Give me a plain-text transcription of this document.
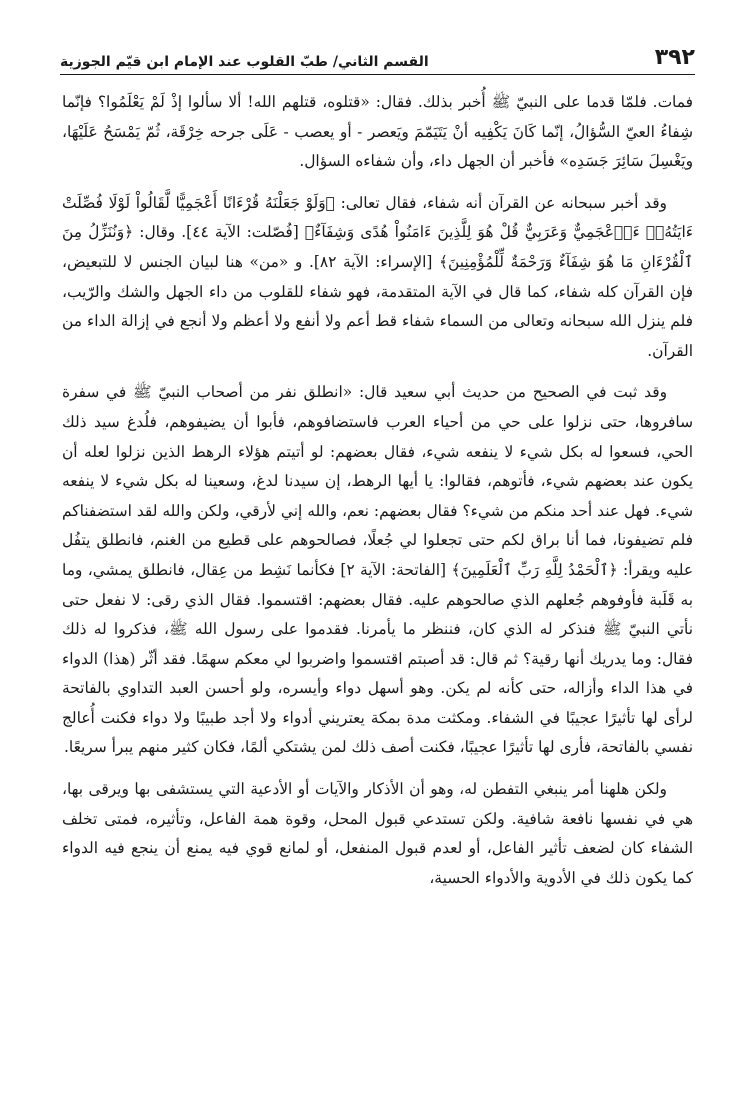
٣٩٢
القسم الثاني/ طبّ القلوب عند الإمام ابن قيّم الجوزية

فمات. فلمّا قدما على النبيّ ﷺ أُخبر بذلك. فقال: «قتلوه، قتلهم الله! ألا سألوا إذْ لَمْ يَعْلَمُوا؟ فإنّما شِفاءُ العيّ السُّؤالُ، إنّما كَانَ يَكْفِيه أنْ يَتَيَمّمَ ويَعصر - أو يعصب - عَلَى جرحه خِرْقَة، ثُمّ يَمْسَحُ عَلَيْهَا، ويَغْسِلَ سَائِرَ جَسَدِه» فأخبر أن الجهل داء، وأن شفاءه السؤال.

وقد أخبر سبحانه عن القرآن أنه شفاء، فقال تعالى: ﴿وَلَوْ جَعَلْنَهُ قُرْءَانًا أَعْجَمِيًّا لَّقَالُواْ لَوْلَا فُصِّلَتْ ءَايَتُهُۥٓ ءَا۬عْجَمِيٌّ وَعَرَبِيٌّ قُلْ هُوَ لِلَّذِينَ ءَامَنُواْ هُدًى وَشِفَآءٌ﴾ [فُصّلت: الآية ٤٤]. وقال: ﴿وَنُنَزِّلُ مِنَ ٱلْقُرْءَانِ مَا هُوَ شِفَآءٌ وَرَحْمَةٌ لِّلْمُؤْمِنِينَ﴾ [الإسراء: الآية ٨٢]. و «من» هنا لبيان الجنس لا للتبعيض، فإن القرآن كله شفاء، كما قال في الآية المتقدمة، فهو شفاء للقلوب من داء الجهل والشك والرّيب، فلم ينزل الله سبحانه وتعالى من السماء شفاء قط أعم ولا أنفع ولا أعظم ولا أنجع في إزالة الداء من القرآن.

وقد ثبت في الصحيح من حديث أبي سعيد قال: «انطلق نفر من أصحاب النبيّ ﷺ في سفرة سافروها، حتى نزلوا على حي من أحياء العرب فاستضافوهم، فأبوا أن يضيفوهم، فلُدغ سيد ذلك الحي، فسعوا له بكل شيء لا ينفعه شيء، فقال بعضهم: لو أتيتم هؤلاء الرهط الذين نزلوا لعله أن يكون عند بعضهم شيء، فأتوهم، فقالوا: يا أيها الرهط، إن سيدنا لدغ، وسعينا له بكل شيء لا ينفعه شيء. فهل عند أحد منكم من شيء؟ فقال بعضهم: نعم، والله إني لأرقي، ولكن والله لقد استضفناكم فلم تضيفونا، فما أنا براق لكم حتى تجعلوا لي جُعلًا، فصالحوهم على قطيع من الغنم، فانطلق يتفُل عليه ويقرأ: ﴿ٱلْحَمْدُ لِلَّهِ رَبِّ ٱلْعَلَمِينَ﴾ [الفاتحة: الآية ٢] فكأنما نَشِط من عِقال، فانطلق يمشي، وما به قَلَبة فأوفوهم جُعلهم الذي صالحوهم عليه. فقال بعضهم: اقتسموا. فقال الذي رقى: لا نفعل حتى نأتي النبيّ ﷺ فنذكر له الذي كان، فننظر ما يأمرنا. فقدموا على رسول الله ﷺ، فذكروا له ذلك فقال: وما يدريك أنها رقية؟ ثم قال: قد أصبتم اقتسموا واضربوا لي معكم سهمًا. فقد أثّر (هذا) الدواء في هذا الداء وأزاله، حتى كأنه لم يكن. وهو أسهل دواء وأيسره، ولو أحسن العبد التداوي بالفاتحة لرأى لها تأثيرًا عجيبًا في الشفاء. ومكثت مدة بمكة يعتريني أدواء ولا أجد طبيبًا ولا دواء فكنت أُعالج نفسي بالفاتحة، فأرى لها تأثيرًا عجيبًا، فكنت أصف ذلك لمن يشتكي ألمًا، فكان كثير منهم يبرأ سريعًا.

ولكن هلهنا أمر ينبغي التفطن له، وهو أن الأذكار والآيات أو الأدعية التي يستشفى بها ويرقى بها، هي في نفسها نافعة شافية. ولكن تستدعي قبول المحل، وقوة همة الفاعل، وتأثيره، فمتى تخلف الشفاء كان لضعف تأثير الفاعل، أو لعدم قبول المنفعل، أو لمانع قوي فيه يمنع أن ينجع فيه الدواء كما يكون ذلك في الأدوية والأدواء الحسية،
